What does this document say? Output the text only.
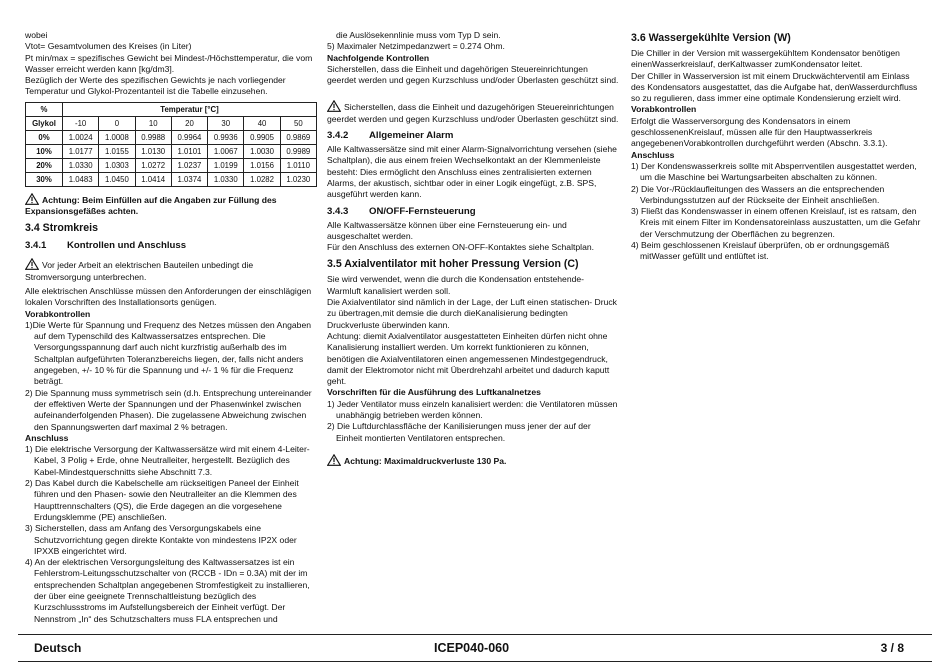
wobei

Vtot= Gesamtvolumen des Kreises (in Liter)

Pt min/max = spezifisches Gewicht bei Mindest-/Höchsttemperatur, die vom Wasser erreicht werden kann [kg/dm3].

Bezüglich der Werte des spezifischen Gewichts je nach vorliegender Temperatur und Glykol-Prozentanteil ist die Tabelle einzusehen.

%	Temperatur [°C]						
Glykol	-10	0	10	20	30	40	50
0%	1.0024	1.0008	0.9988	0.9964	0.9936	0.9905	0.9869
10%	1.0177	1.0155	1.0130	1.0101	1.0067	1.0030	0.9989
20%	1.0330	1.0303	1.0272	1.0237	1.0199	1.0156	1.0110
30%	1.0483	1.0450	1.0414	1.0374	1.0330	1.0282	1.0230

Achtung: Beim Einfüllen auf die Angaben zur Füllung des Expansionsgefäßes achten.

3.4 Stromkreis
3.4.1 Kontrollen und Anschluss

Vor jeder Arbeit an elektrischen Bauteilen unbedingt die Stromversorgung unterbrechen.

Alle elektrischen Anschlüsse müssen den Anforderungen der einschlägigen lokalen Vorschriften des Installationsorts genügen.

Vorabkontrollen

1)Die Werte für Spannung und Frequenz des Netzes müssen den Angaben auf dem Typenschild des Kaltwassersatzes entsprechen. Die Versorgungsspannung darf auch nicht kurzfristig außerhalb des im Schaltplan aufgeführten Toleranzbereichs liegen, der, falls nicht anders angegeben, +/- 10 % für die Spannung und +/- 1 % für die Frequenz beträgt.

2) Die Spannung muss symmetrisch sein (d.h. Entsprechung untereinander der effektiven Werte der Spannungen und der Phasenwinkel zwischen aufeinanderfolgenden Phasen). Die zugelassene Abweichung zwischen den Spannungswerten darf maximal 2 % betragen.

Anschluss

1) Die elektrische Versorgung der Kaltwassersätze wird mit einem 4-Leiter-Kabel, 3 Polig + Erde, ohne Neutralleiter, hergestellt. Bezüglich des Kabel-Mindestquerschnitts siehe Abschnitt 7.3.

2) Das Kabel durch die Kabelschelle am rückseitigen Paneel der Einheit führen und den Phasen- sowie den Neutralleiter an die Klemmen des Haupttrennschalters (QS), die Erde dagegen an die vorgesehene Erdungsklemme (PE) anschließen.

3) Sicherstellen, dass am Anfang des Versorgungskabels eine Schutzvorrichtung gegen direkte Kontakte von mindestens IP2X oder IPXXB eingerichtet wird.

4) An der elektrischen Versorgungsleitung des Kaltwassersatzes ist ein Fehlerstrom-Leitungsschutzschalter von (RCCB - IDn = 0.3A) mit der im entsprechenden Schaltplan angegebenen Stromfestigkeit zu installieren, der über eine geeignete Trennschaltleistung bezüglich des Kurzschlussstroms im Aufstellungsbereich der Einheit verfügt. Der Nennstrom „In“ des Schutzschalters muss FLA entsprechen und

die Auslösekennlinie muss vom Typ D sein.

5) Maximaler Netzimpedanzwert = 0.274 Ohm.

Nachfolgende Kontrollen

Sicherstellen, dass die Einheit und dagehörigen Steuereinrichtungen geerdet werden und gegen Kurzschluss und/oder Überlasten geschützt sind.

Sicherstellen, dass die Einheit und dazugehörigen Steuereinrichtungen geerdet werden und gegen Kurzschluss und/oder Überlasten geschützt sind.

3.4.2 Allgemeiner Alarm

Alle Kaltwassersätze sind mit einer Alarm-Signalvorrichtung versehen (siehe Schaltplan), die aus einem freien Wechselkontakt an der Klemmenleiste besteht: Dies ermöglicht den Anschluss eines zentralisierten externen Alarms, der akustisch, sichtbar oder in einer Logik eingefügt, z.B. SPS, ausgeführt werden kann.

3.4.3 ON/OFF-Fernsteuerung

Alle Kaltwassersätze können über eine Fernsteuerung ein- und ausgeschaltet werden.

Für den Anschluss des externen ON-OFF-Kontaktes siehe Schaltplan.

3.5 Axialventilator mit hoher Pressung Version (C)

Sie wird verwendet, wenn die durch die Kondensation entstehende- Warmluft kanalisiert werden soll.

Die Axialventilator sind nämlich in der Lage, der Luft einen statischen- Druck zu übertragen,mit demsie die durch dieKanalisierung bedingten Druckverluste überwinden kann.

Achtung: diemit Axialventilator ausgestatteten Einheiten dürfen nicht ohne Kanalisierung installiert werden. Um korrekt funktionieren zu können, benötigen die Axialventilatoren einen angemessenen Mindestgegendruck, damit der Elektromotor nicht mit Überdrehzahl arbeitet und dadurch kaputt geht.

Vorschriften für die Ausführung des Luftkanalnetzes

1) Jeder Ventilator muss einzeln kanalisiert werden: die Ventilatoren müssen unabhängig betrieben werden können.

2) Die Luftdurchlassfläche der Kanilisierungen muss jener der auf der Einheit montierten Ventilatoren entsprechen.

Achtung: Maximaldruckverluste 130 Pa.

3.6 Wassergekühlte Version (W)

Die Chiller in der Version mit wassergekühltem Kondensator benötigen einenWasserkreislauf, derKaltwasser zumKondensator leitet.

Der Chiller in Wasserversion ist mit einem Druckwächterventil am Einlass des Kondensators ausgestattet, das die Aufgabe hat, denWasserdurchfluss so zu regulieren, dass immer eine optimale Kondensierung erzielt wird.

Vorabkontrollen

Erfolgt die Wasserversorgung des Kondensators in einem geschlossenenKreislauf, müssen alle für den Hauptwasserkreis angegebenenVorabkontrollen durchgeführt werden (Abschn. 3.3.1).

Anschluss

1) Der Kondenswasserkreis sollte mit Absperrventilen ausgestattet werden, um die Maschine bei Wartungsarbeiten abschalten zu können.

2) Die Vor-/Rücklaufleitungen des Wassers an die entsprechenden Verbindungsstutzen auf der Rückseite der Einheit anschließen.

3) Fließt das Kondenswasser in einem offenen Kreislauf, ist es ratsam, den Kreis mit einem Filter im Kondensatoreinlass auszustatten, um die Gefahr der Verschmutzung der Oberflächen zu begrenzen.

4) Beim geschlossenen Kreislauf überprüfen, ob er ordnungsgemäß mitWasser gefüllt und entlüftet ist.

Deutsch	ICEP040-060	3 / 8
